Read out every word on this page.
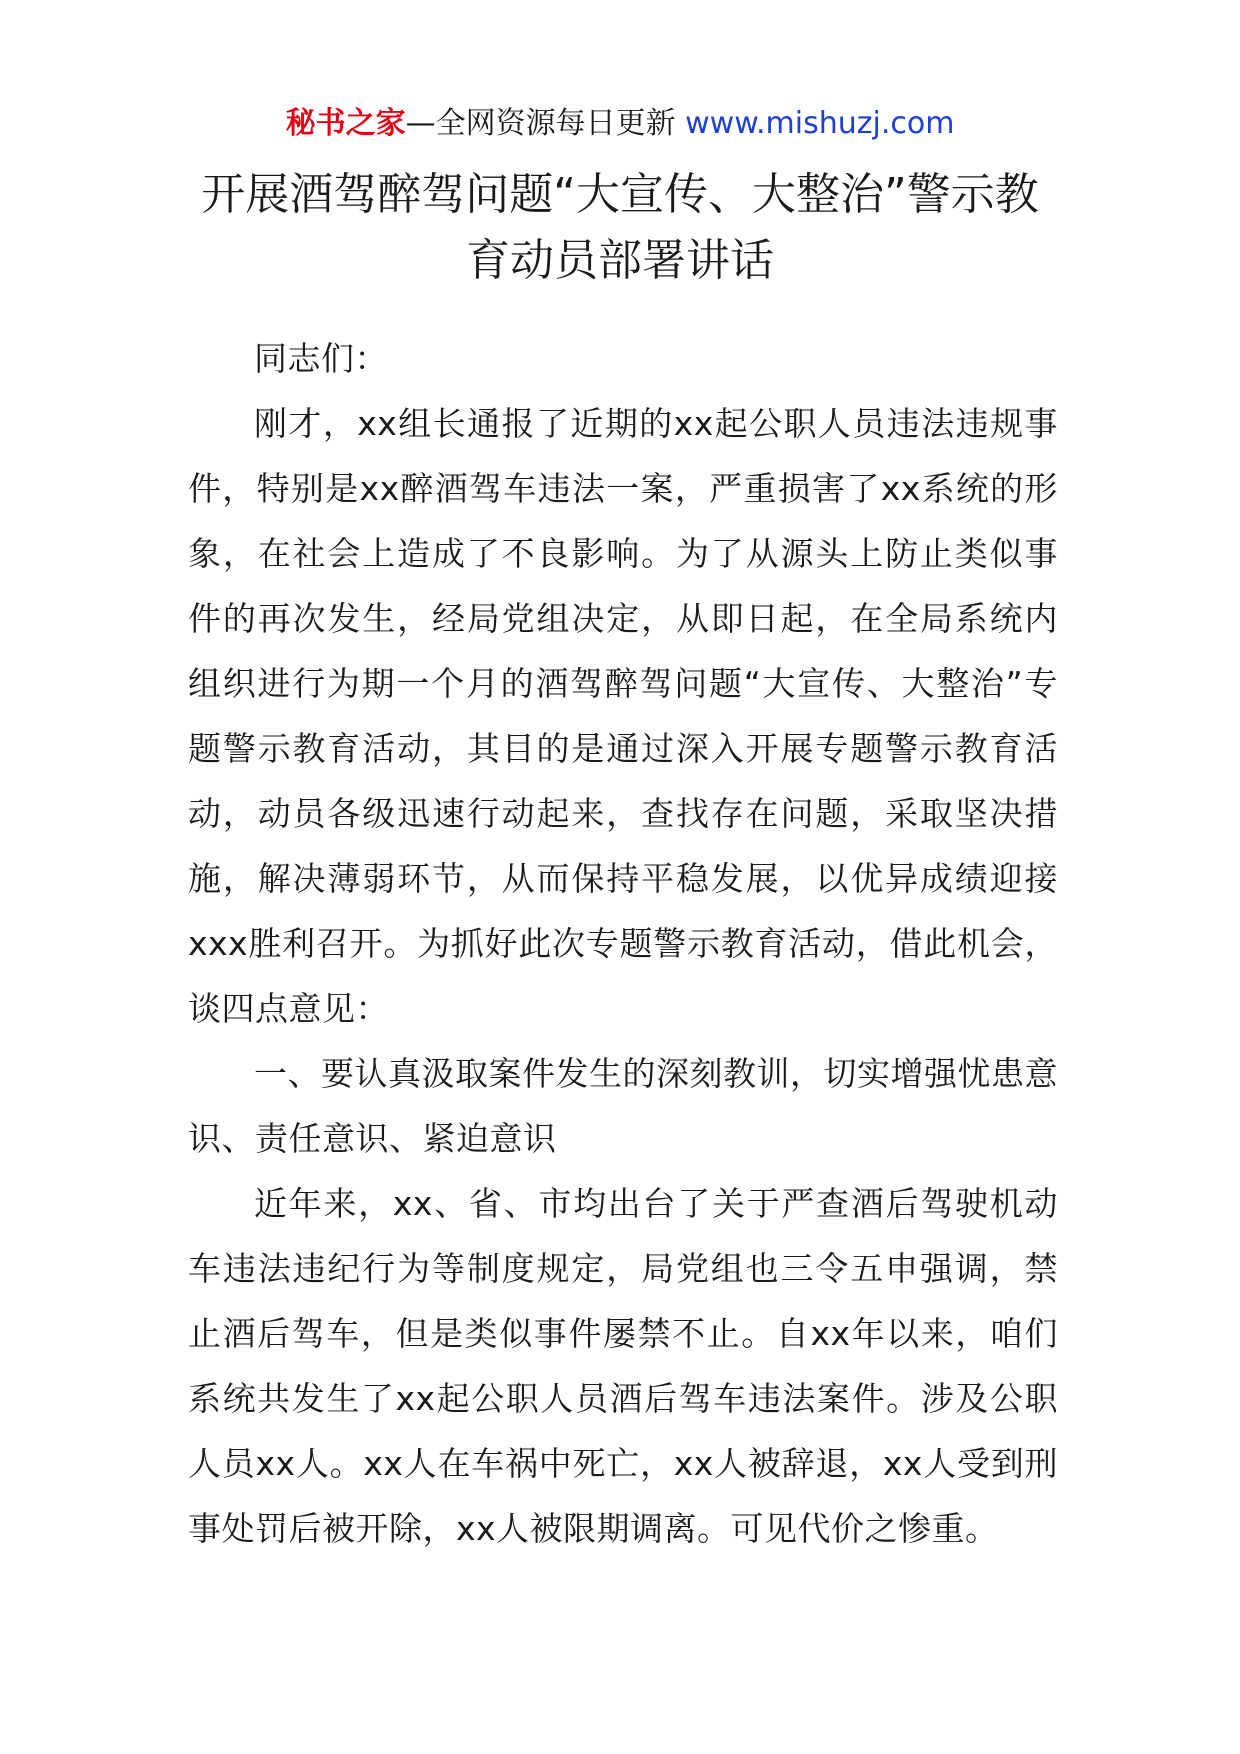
秘书之家—全网资源每日更新 www.mishuzj.com
开展酒驾醉驾问题“大宣传、大整治”警示教育动员部署讲话

同志们：

刚才，xx组长通报了近期的xx起公职人员违法违规事件，特别是xx醉酒驾车违法一案，严重损害了xx系统的形象，在社会上造成了不良影响。为了从源头上防止类似事件的再次发生，经局党组决定，从即日起，在全局系统内组织进行为期一个月的酒驾醉驾问题“大宣传、大整治”专题警示教育活动，其目的是通过深入开展专题警示教育活动，动员各级迅速行动起来，查找存在问题，采取坚决措施，解决薄弱环节，从而保持平稳发展，以优异成绩迎接xxx胜利召开。为抓好此次专题警示教育活动，借此机会，谈四点意见：

一、要认真汲取案件发生的深刻教训，切实增强忧患意识、责任意识、紧迫意识

近年来，xx、省、市均出台了关于严查酒后驾驶机动车违法违纪行为等制度规定，局党组也三令五申强调，禁止酒后驾车，但是类似事件屡禁不止。自xx年以来，咱们系统共发生了xx起公职人员酒后驾车违法案件。涉及公职人员xx人。xx人在车祸中死亡，xx人被辞退，xx人受到刑事处罚后被开除，xx人被限期调离。可见代价之惨重。
